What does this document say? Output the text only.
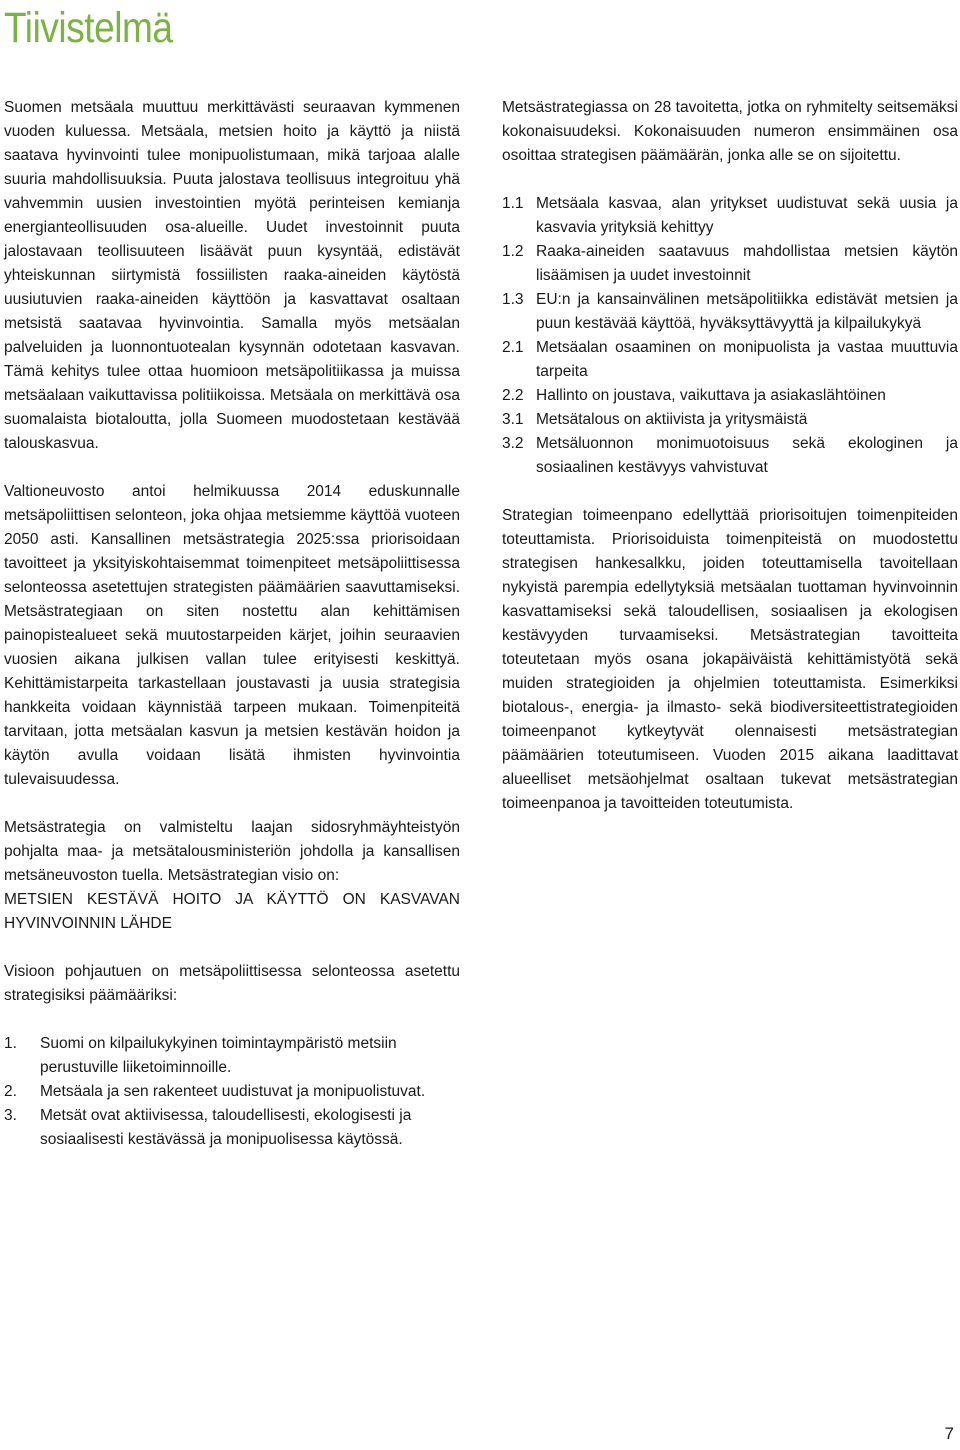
Tiivistelmä

Suomen metsäala muuttuu merkittävästi seuraavan kymmenen vuoden kuluessa. Metsäala, metsien hoito ja käyttö ja niistä saatava hyvinvointi tulee monipuolistumaan, mikä tarjoaa alalle suuria mahdollisuuksia. Puuta jalostava teollisuus integroituu yhä vahvemmin uusien investointien myötä perinteisen kemianja energianteollisuuden osa-alueille. Uudet investoinnit puuta jalostavaan teollisuuteen lisäävät puun kysyntää, edistävät yhteiskunnan siirtymistä fossiilisten raaka-aineiden käytöstä uusiutuvien raaka-aineiden käyttöön ja kasvattavat osaltaan metsistä saatavaa hyvinvointia. Samalla myös metsäalan palveluiden ja luonnontuotealan kysynnän odotetaan kasvavan. Tämä kehitys tulee ottaa huomioon metsäpolitiikassa ja muissa metsäalaan vaikuttavissa politiikoissa. Metsäala on merkittävä osa suomalaista biotaloutta, jolla Suomeen muodostetaan kestävää talouskasvua.

Valtioneuvosto antoi helmikuussa 2014 eduskunnalle metsäpoliittisen selonteon, joka ohjaa metsiemme käyttöä vuoteen 2050 asti. Kansallinen metsästrategia 2025:ssa priorisoidaan tavoitteet ja yksityiskohtaisemmat toimenpiteet metsäpoliittisessa selonteossa asetettujen strategisten päämäärien saavuttamiseksi. Metsästrategiaan on siten nostettu alan kehittämisen painopistealueet sekä muutostarpeiden kärjet, joihin seuraavien vuosien aikana julkisen vallan tulee erityisesti keskittyä. Kehittämistarpeita tarkastellaan joustavasti ja uusia strategisia hankkeita voidaan käynnistää tarpeen mukaan. Toimenpiteitä tarvitaan, jotta metsäalan kasvun ja metsien kestävän hoidon ja käytön avulla voidaan lisätä ihmisten hyvinvointia tulevaisuudessa.

Metsästrategia on valmisteltu laajan sidosryhmäyhteistyön pohjalta maa- ja metsätalousministeriön johdolla ja kansallisen metsäneuvoston tuella. Metsästrategian visio on:
METSIEN KESTÄVÄ HOITO JA KÄYTTÖ ON KASVAVAN HYVINVOINNIN LÄHDE

Visioon pohjautuen on metsäpoliittisessa selonteossa asetettu strategisiksi päämääriksi:

1. Suomi on kilpailukykyinen toimintaympäristö metsiin perustuville liiketoiminnoille.
2. Metsäala ja sen rakenteet uudistuvat ja monipuolistuvat.
3. Metsät ovat aktiivisessa, taloudellisesti, ekologisesti ja sosiaalisesti kestävässä ja monipuolisessa käytössä.

Metsästrategiassa on 28 tavoitetta, jotka on ryhmitelty seitsemäksi kokonaisuudeksi. Kokonaisuuden numeron ensimmäinen osa osoittaa strategisen päämäärän, jonka alle se on sijoitettu.

1.1 Metsäala kasvaa, alan yritykset uudistuvat sekä uusia ja kasvavia yrityksiä kehittyy
1.2 Raaka-aineiden saatavuus mahdollistaa metsien käytön lisäämisen ja uudet investoinnit
1.3 EU:n ja kansainvälinen metsäpolitiikka edistävät metsien ja puun kestävää käyttöä, hyväksyttävyyttä ja kilpailukykyä
2.1 Metsäalan osaaminen on monipuolista ja vastaa muuttuvia tarpeita
2.2 Hallinto on joustava, vaikuttava ja asiakaslähtöinen
3.1 Metsätalous on aktiivista ja yritysmäistä
3.2 Metsäluonnon monimuotoisuus sekä ekologinen ja sosiaalinen kestävyys vahvistuvat

Strategian toimeenpano edellyttää priorisoitujen toimenpiteiden toteuttamista. Priorisoiduista toimenpiteistä on muodostettu strategisen hankesalkku, joiden toteuttamisella tavoitellaan nykyistä parempia edellytyksiä metsäalan tuottaman hyvinvoinnin kasvattamiseksi sekä taloudellisen, sosiaalisen ja ekologisen kestävyyden turvaamiseksi. Metsästrategian tavoitteita toteutetaan myös osana jokapäiväistä kehittämistyötä sekä muiden strategioiden ja ohjelmien toteuttamista. Esimerkiksi biotalous-, energia- ja ilmasto- sekä biodiversiteettistrategioiden toimeenpanot kytkeytyvät olennaisesti metsästrategian päämäärien toteutumiseen. Vuoden 2015 aikana laadittavat alueelliset metsäohjelmat osaltaan tukevat metsästrategian toimeenpanoa ja tavoitteiden toteutumista.

7
